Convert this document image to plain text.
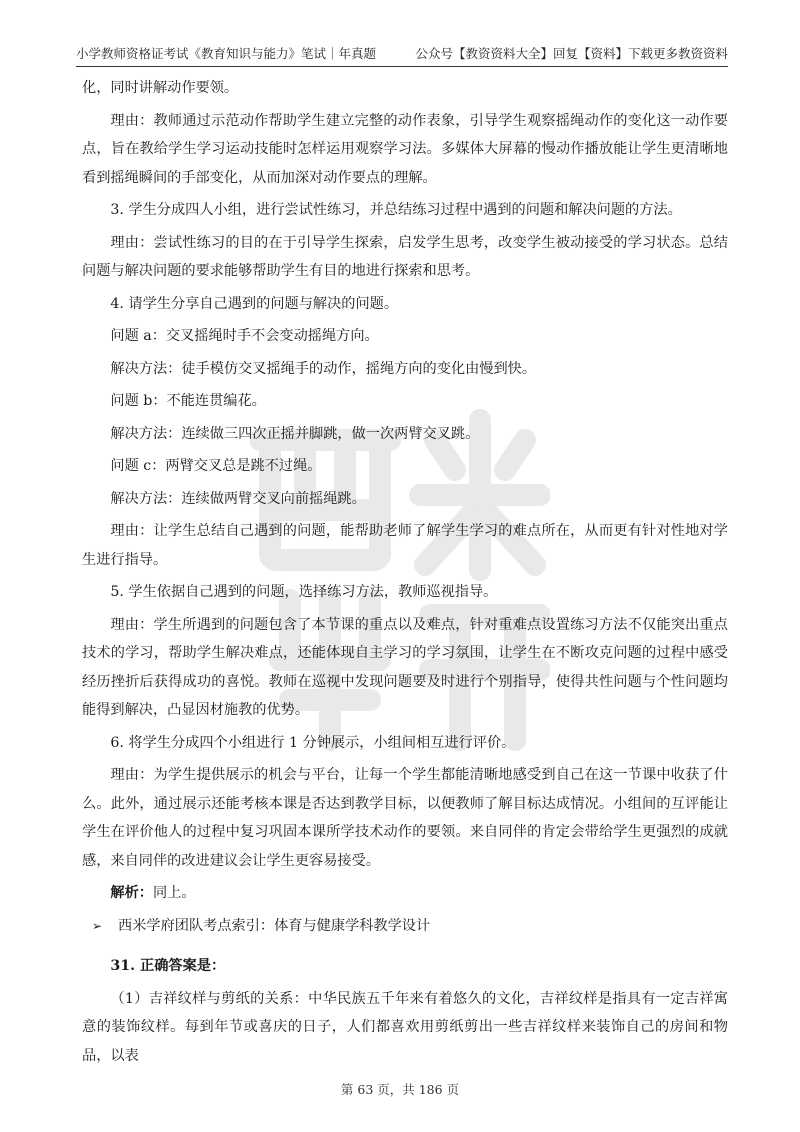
小学教师资格证考试《教育知识与能力》笔试｜年真题	公众号【教资资料大全】回复【资料】下载更多教资资料

化，同时讲解动作要领。

理由：教师通过示范动作帮助学生建立完整的动作表象，引导学生观察摇绳动作的变化这一动作要点，旨在教给学生学习运动技能时怎样运用观察学习法。多媒体大屏幕的慢动作播放能让学生更清晰地看到摇绳瞬间的手部变化，从而加深对动作要点的理解。

3. 学生分成四人小组，进行尝试性练习，并总结练习过程中遇到的问题和解决问题的方法。

理由：尝试性练习的目的在于引导学生探索，启发学生思考，改变学生被动接受的学习状态。总结问题与解决问题的要求能够帮助学生有目的地进行探索和思考。

4. 请学生分享自己遇到的问题与解决的问题。

问题 a：交叉摇绳时手不会变动摇绳方向。

解决方法：徒手模仿交叉摇绳手的动作，摇绳方向的变化由慢到快。

问题 b：不能连贯编花。

解决方法：连续做三四次正摇并脚跳，做一次两臂交叉跳。

问题 c：两臂交叉总是跳不过绳。

解决方法：连续做两臂交叉向前摇绳跳。

理由：让学生总结自己遇到的问题，能帮助老师了解学生学习的难点所在，从而更有针对性地对学生进行指导。

5. 学生依据自己遇到的问题，选择练习方法，教师巡视指导。

理由：学生所遇到的问题包含了本节课的重点以及难点，针对重难点设置练习方法不仅能突出重点技术的学习，帮助学生解决难点，还能体现自主学习的学习氛围，让学生在不断攻克问题的过程中感受经历挫折后获得成功的喜悦。教师在巡视中发现问题要及时进行个别指导，使得共性问题与个性问题均能得到解决，凸显因材施教的优势。

6. 将学生分成四个小组进行 1 分钟展示，小组间相互进行评价。

理由：为学生提供展示的机会与平台，让每一个学生都能清晰地感受到自己在这一节课中收获了什么。此外，通过展示还能考核本课是否达到教学目标，以便教师了解目标达成情况。小组间的互评能让学生在评价他人的过程中复习巩固本课所学技术动作的要领。来自同伴的肯定会带给学生更强烈的成就感，来自同伴的改进建议会让学生更容易接受。

解析：同上。

➢ 西米学府团队考点索引：体育与健康学科教学设计

31. 正确答案是：

（1）吉祥纹样与剪纸的关系：中华民族五千年来有着悠久的文化，吉祥纹样是指具有一定吉祥寓意的装饰纹样。每到年节或喜庆的日子，人们都喜欢用剪纸剪出一些吉祥纹样来装饰自己的房间和物品，以表

第 63 页，共 186 页
